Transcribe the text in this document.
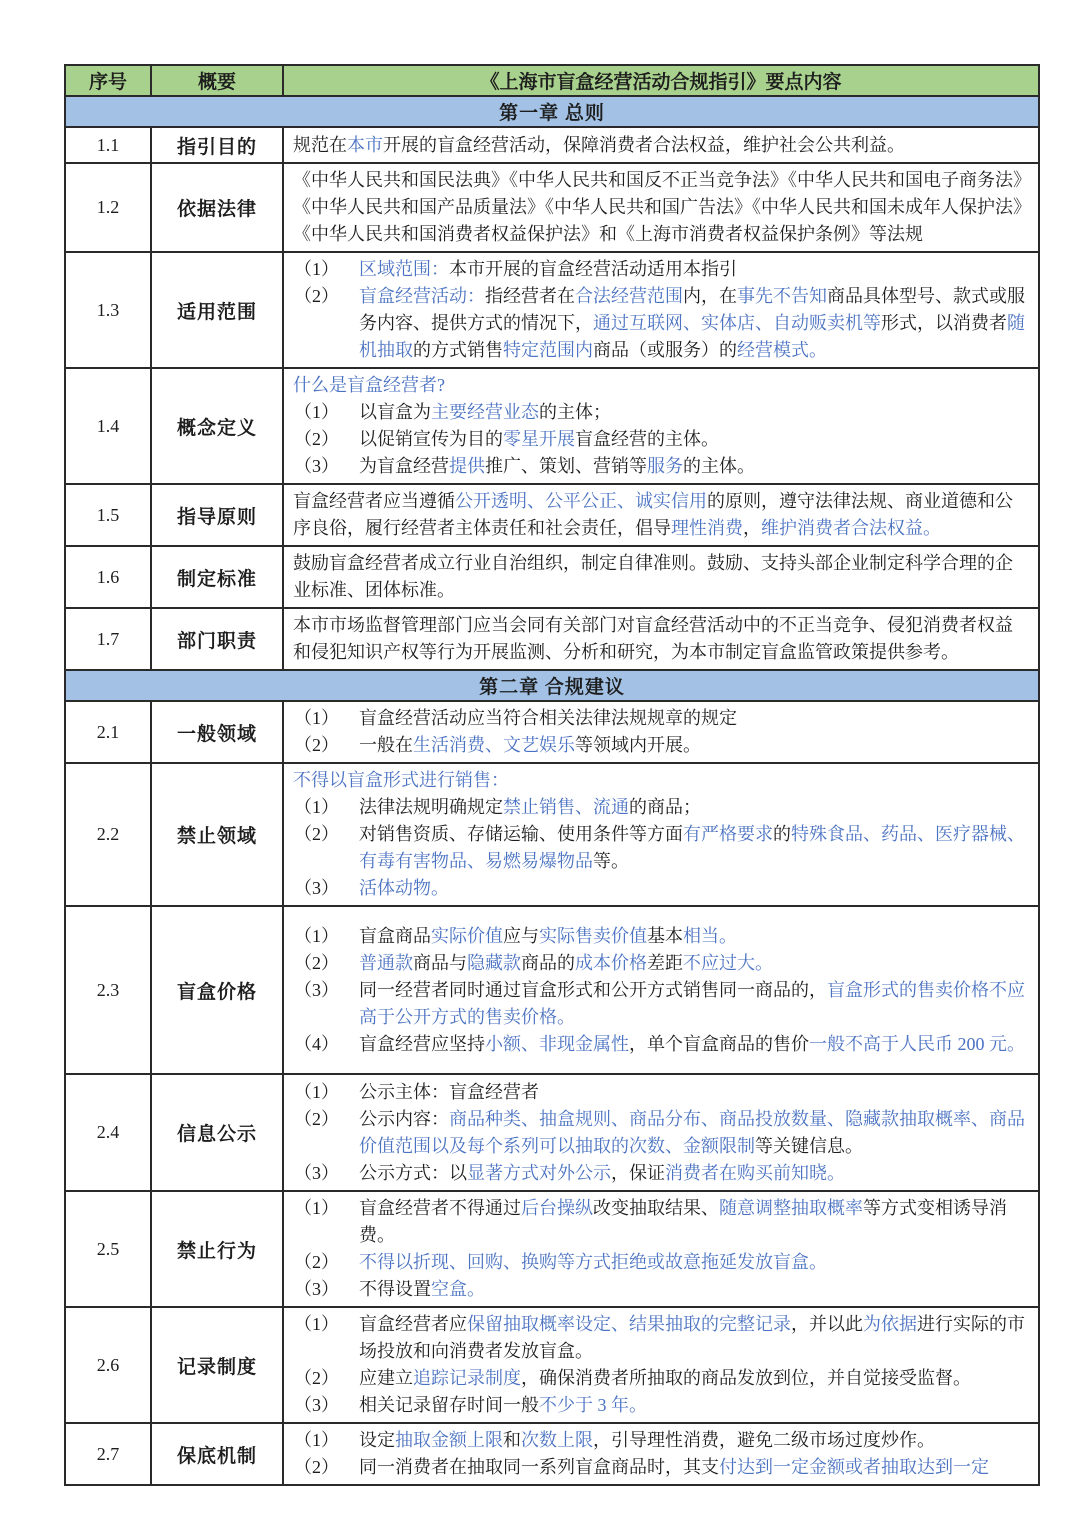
序号	概要	《上海市盲盒经营活动合规指引》要点内容
第一章 总则		
1.1	指引目的	规范在本市开展的盲盒经营活动，保障消费者合法权益，维护社会公共利益。

1.2	依据法律	《中华人民共和国民法典》《中华人民共和国反不正当竞争法》《中华人民共和国电子商务法》《中华人民共和国产品质量法》《中华人民共和国广告法》《中华人民共和国未成年人保护法》《中华人民共和国消费者权益保护法》和《上海市消费者权益保护条例》等法规

1.3	适用范围	（1） 区域范围：本市开展的盲盒经营活动适用本指引
（2） 盲盒经营活动：指经营者在合法经营范围内，在事先不告知商品具体型号、款式或服务内容、提供方式的情况下，通过互联网、实体店、自动贩卖机等形式，以消费者随机抽取的方式销售特定范围内商品（或服务）的经营模式。

1.4	概念定义	
什么是盲盒经营者?
（1） 以盲盒为主要经营业态的主体；
（2） 以促销宣传为目的零星开展盲盒经营的主体。
（3） 为盲盒经营提供推广、策划、营销等服务的主体。

1.5	指导原则	盲盒经营者应当遵循公开透明、公平公正、诚实信用的原则，遵守法律法规、商业道德和公序良俗，履行经营者主体责任和社会责任，倡导理性消费，维护消费者合法权益。

1.6	制定标准	鼓励盲盒经营者成立行业自治组织，制定自律准则。鼓励、支持头部企业制定科学合理的企业标准、团体标准。

1.7	部门职责	本市市场监督管理部门应当会同有关部门对盲盒经营活动中的不正当竞争、侵犯消费者权益和侵犯知识产权等行为开展监测、分析和研究，为本市制定盲盒监管政策提供参考。

第二章 合规建议		
2.1	一般领域	（1） 盲盒经营活动应当符合相关法律法规规章的规定
（2） 一般在生活消费、文艺娱乐等领域内开展。

2.2	禁止领域	
不得以盲盒形式进行销售：
（1） 法律法规明确规定禁止销售、流通的商品；
（2） 对销售资质、存储运输、使用条件等方面有严格要求的特殊食品、药品、医疗器械、有毒有害物品、易燃易爆物品等。
（3） 活体动物。

2.3	盲盒价格	
（1） 盲盒商品实际价值应与实际售卖价值基本相当。
（2） 普通款商品与隐藏款商品的成本价格差距不应过大。
（3） 同一经营者同时通过盲盒形式和公开方式销售同一商品的，盲盒形式的售卖价格不应高于公开方式的售卖价格。
（4） 盲盒经营应坚持小额、非现金属性，单个盲盒商品的售价一般不高于人民币 200 元。

2.4	信息公示	
（1） 公示主体：盲盒经营者
（2） 公示内容：商品种类、抽盒规则、商品分布、商品投放数量、隐藏款抽取概率、商品价值范围以及每个系列可以抽取的次数、金额限制等关键信息。
（3） 公示方式：以显著方式对外公示，保证消费者在购买前知晓。

2.5	禁止行为	
（1） 盲盒经营者不得通过后台操纵改变抽取结果、随意调整抽取概率等方式变相诱导消费。
（2） 不得以折现、回购、换购等方式拒绝或故意拖延发放盲盒。
（3） 不得设置空盒。

2.6	记录制度	
（1） 盲盒经营者应保留抽取概率设定、结果抽取的完整记录，并以此为依据进行实际的市场投放和向消费者发放盲盒。
（2） 应建立追踪记录制度，确保消费者所抽取的商品发放到位，并自觉接受监督。
（3） 相关记录留存时间一般不少于 3 年。

2.7	保底机制	（1） 设定抽取金额上限和次数上限，引导理性消费，避免二级市场过度炒作。
（2） 同一消费者在抽取同一系列盲盒商品时，其支付达到一定金额或者抽取达到一定
